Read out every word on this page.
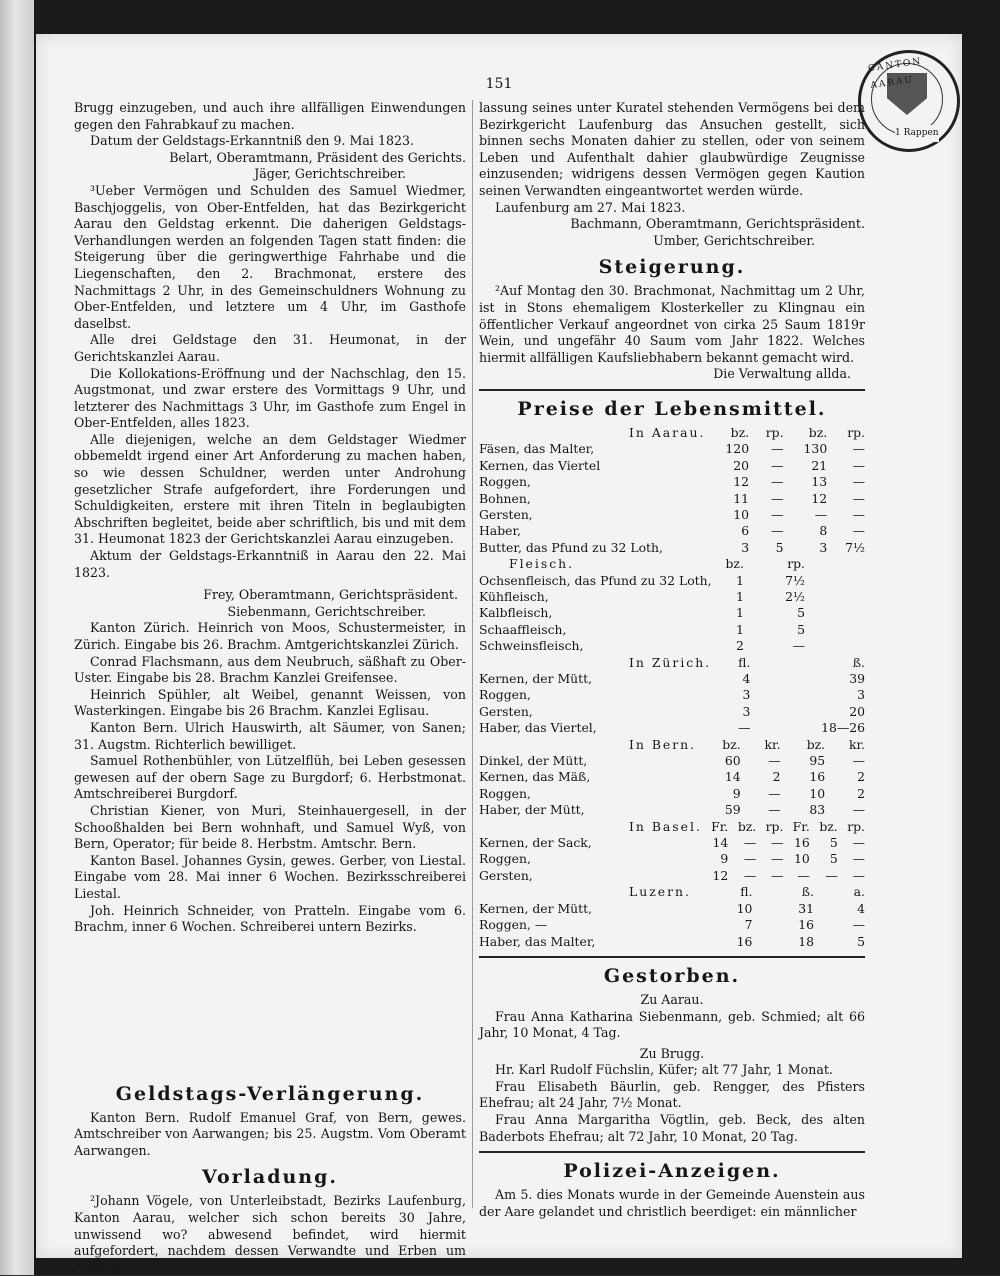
151
CANTON AARAU
1 Rappen

Brugg einzugeben, und auch ihre allfälligen Einwendungen gegen den Fahrabkauf zu machen.

Datum der Geldstags-Erkanntniß den 9. Mai 1823.

Belart, Oberamtmann, Präsident des Gerichts.

Jäger, Gerichtschreiber.

³Ueber Vermögen und Schulden des Samuel Wiedmer, Baschjoggelis, von Ober-Entfelden, hat das Bezirkgericht Aarau den Geldstag erkennt. Die daherigen Geldstags-Verhandlungen werden an folgenden Tagen statt finden: die Steigerung über die geringwerthige Fahrhabe und die Liegenschaften, den 2. Brachmonat, erstere des Nachmittags 2 Uhr, in des Gemeinschuldners Wohnung zu Ober-Entfelden, und letztere um 4 Uhr, im Gasthofe daselbst.

Alle drei Geldstage den 31. Heumonat, in der Gerichtskanzlei Aarau.

Die Kollokations-Eröffnung und der Nachschlag, den 15. Augstmonat, und zwar erstere des Vormittags 9 Uhr, und letzterer des Nachmittags 3 Uhr, im Gasthofe zum Engel in Ober-Entfelden, alles 1823.

Alle diejenigen, welche an dem Geldstager Wiedmer obbemeldt irgend einer Art Anforderung zu machen haben, so wie dessen Schuldner, werden unter Androhung gesetzlicher Strafe aufgefordert, ihre Forderungen und Schuldigkeiten, erstere mit ihren Titeln in beglaubigten Abschriften begleitet, beide aber schriftlich, bis und mit dem 31. Heumonat 1823 der Gerichtskanzlei Aarau einzugeben.

Aktum der Geldstags-Erkanntniß in Aarau den 22. Mai 1823.

Frey, Oberamtmann, Gerichtspräsident.

Siebenmann, Gerichtschreiber.

Kanton Zürich. Heinrich von Moos, Schustermeister, in Zürich. Eingabe bis 26. Brachm. Amtgerichtskanzlei Zürich.

Conrad Flachsmann, aus dem Neubruch, säßhaft zu Ober-Uster. Eingabe bis 28. Brachm Kanzlei Greifensee.

Heinrich Spühler, alt Weibel, genannt Weissen, von Wasterkingen. Eingabe bis 26 Brachm. Kanzlei Eglisau.

Kanton Bern. Ulrich Hauswirth, alt Säumer, von Sanen; 31. Augstm. Richterlich bewilliget.

Samuel Rothenbühler, von Lützelflüh, bei Leben gesessen gewesen auf der obern Sage zu Burgdorf; 6. Herbstmonat. Amtschreiberei Burgdorf.

Christian Kiener, von Muri, Steinhauergesell, in der Schooßhalden bei Bern wohnhaft, und Samuel Wyß, von Bern, Operator; für beide 8. Herbstm. Amtschr. Bern.

Kanton Basel. Johannes Gysin, gewes. Gerber, von Liestal. Eingabe vom 28. Mai inner 6 Wochen. Bezirksschreiberei Liestal.

Joh. Heinrich Schneider, von Pratteln. Eingabe vom 6. Brachm, inner 6 Wochen. Schreiberei untern Bezirks.

Geldstags-Verlängerung.

Kanton Bern. Rudolf Emanuel Graf, von Bern, gewes. Amtschreiber von Aarwangen; bis 25. Augstm. Vom Oberamt Aarwangen.

Vorladung.

²Johann Vögele, von Unterleibstadt, Bezirks Laufenburg, Kanton Aarau, welcher sich schon bereits 30 Jahre, unwissend wo? abwesend befindet, wird hiermit aufgefordert, nachdem dessen Verwandte und Erben um Ausfolg-

lassung seines unter Kuratel stehenden Vermögens bei dem Bezirkgericht Laufenburg das Ansuchen gestellt, sich binnen sechs Monaten dahier zu stellen, oder von seinem Leben und Aufenthalt dahier glaubwürdige Zeugnisse einzusenden; widrigens dessen Vermögen gegen Kaution seinen Verwandten eingeantwortet werden würde.

Laufenburg am 27. Mai 1823.

Bachmann, Oberamtmann, Gerichtspräsident.

Umber, Gerichtschreiber.

Steigerung.

²Auf Montag den 30. Brachmonat, Nachmittag um 2 Uhr, ist in Stons ehemaligem Klosterkeller zu Klingnau ein öffentlicher Verkauf angeordnet von cirka 25 Saum 1819r Wein, und ungefähr 40 Saum vom Jahr 1822. Welches hiermit allfälligen Kaufsliebhabern bekannt gemacht wird.

Die Verwaltung allda.

Preise der Lebensmittel.
In Aarau.	bz.	rp.	bz.	rp.
Fäsen, das Malter,	120	—	130	—
Kernen, das Viertel	20	—	21	—
Roggen,	12	—	13	—
Bohnen,	11	—	12	—
Gersten,	10	—	—	—
Haber,	6	—	8	—
Butter, das Pfund zu 32 Loth,	3	5	3	7½
Fleisch.	bz.	rp.
Ochsenfleisch, das Pfund zu 32 Loth,	1	7½
Kühfleisch,	1	2½
Kalbfleisch,	1	5
Schaaffleisch,	1	5
Schweinsfleisch,	2	—
In Zürich.	fl.	ß.
Kernen, der Mütt,	4	39
Roggen,	3	3
Gersten,	3	20
Haber, das Viertel,	—	18—26
In Bern.	bz.	kr.	bz.	kr.
Dinkel, der Mütt,	60	—	95	—
Kernen, das Mäß,	14	2	16	2
Roggen,	9	—	10	2
Haber, der Mütt,	59	—	83	—
In Basel.	Fr.	bz.	rp.	Fr.	bz.	rp.
Kernen, der Sack,	14	—	—	16	5	—
Roggen,	9	—	—	10	5	—
Gersten,	12	—	—	—	—	—
Luzern.	fl.	ß.	a.
Kernen, der Mütt,	10	31	4
Roggen, —	7	16	—
Haber, das Malter,	16	18	5
Gestorben.

Zu Aarau.

Frau Anna Katharina Siebenmann, geb. Schmied; alt 66 Jahr, 10 Monat, 4 Tag.

Zu Brugg.

Hr. Karl Rudolf Füchslin, Küfer; alt 77 Jahr, 1 Monat.

Frau Elisabeth Bäurlin, geb. Rengger, des Pfisters Ehefrau; alt 24 Jahr, 7½ Monat.

Frau Anna Margaritha Vögtlin, geb. Beck, des alten Baderbots Ehefrau; alt 72 Jahr, 10 Monat, 20 Tag.

Polizei-Anzeigen.

Am 5. dies Monats wurde in der Gemeinde Auenstein aus der Aare gelandet und christlich beerdiget: ein männlicher
